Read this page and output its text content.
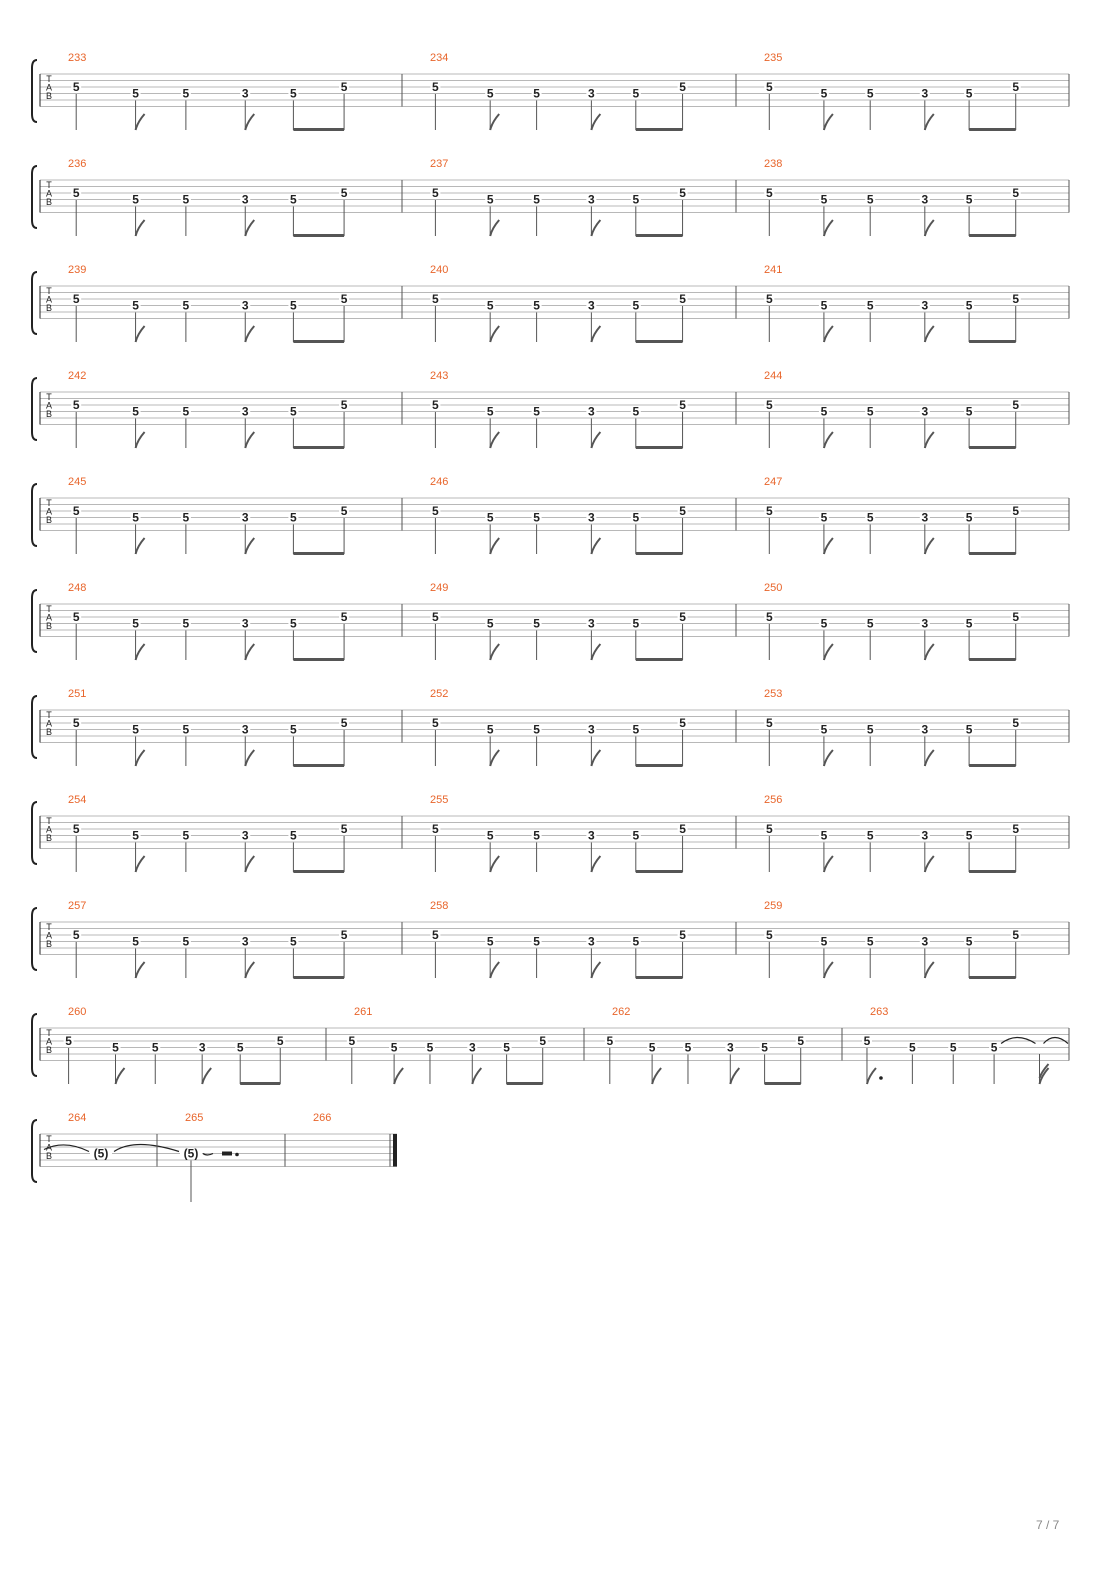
T
A
B
233
5	5	5	3	5	5
234
5	5	5	3	5	5
235
5	5	5	3	5	5
T
A
B
236
5	5	5	3	5	5
237
5	5	5	3	5	5
238
5	5	5	3	5	5
T
A
B
239
5	5	5	3	5	5
240
5	5	5	3	5	5
241
5	5	5	3	5	5
T
A
B
242
5	5	5	3	5	5
243
5	5	5	3	5	5
244
5	5	5	3	5	5
T
A
B
245
5	5	5	3	5	5
246
5	5	5	3	5	5
247
5	5	5	3	5	5
T
A
B
248
5	5	5	3	5	5
249
5	5	5	3	5	5
250
5	5	5	3	5	5
T
A
B
251
5	5	5	3	5	5
252
5	5	5	3	5	5
253
5	5	5	3	5	5
T
A
B
254
5	5	5	3	5	5
255
5	5	5	3	5	5
256
5	5	5	3	5	5
T
A
B
257
5	5	5	3	5	5
258
5	5	5	3	5	5
259
5	5	5	3	5	5
T
A
B
260
5	5	5	3	5	5
261
5	5 5	3 5 5
262
5	5 5	3 5 5
263
5	5	5	5
T
A
B
264
(5)
265
(5)
266
7 / 7
